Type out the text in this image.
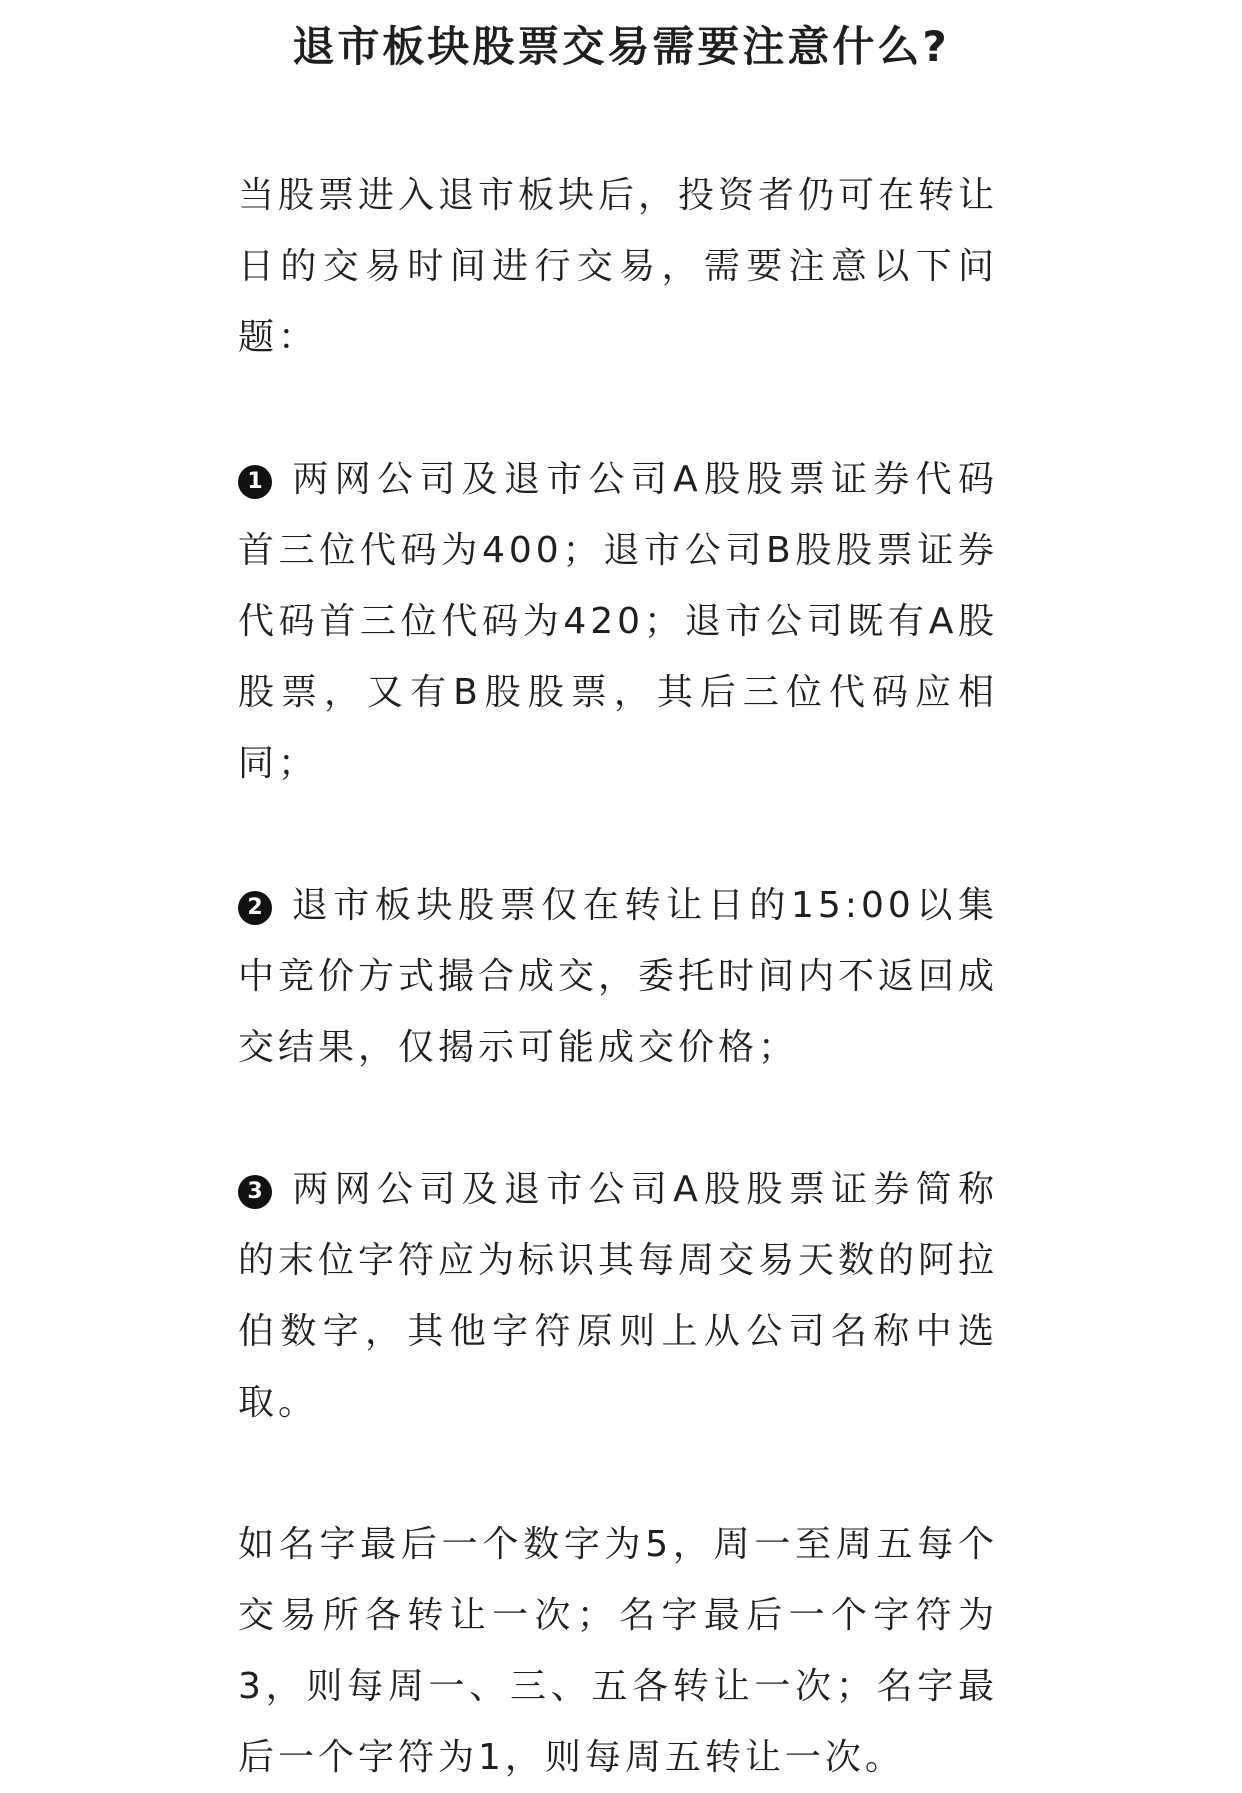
退市板块股票交易需要注意什么?

当股票进入退市板块后，投资者仍可在转让日的交易时间进行交易，需要注意以下问题：

1 两网公司及退市公司A股股票证券代码首三位代码为400；退市公司B股股票证券代码首三位代码为420；退市公司既有A股股票，又有B股股票，其后三位代码应相同；

2 退市板块股票仅在转让日的15:00以集中竞价方式撮合成交，委托时间内不返回成交结果，仅揭示可能成交价格；

3 两网公司及退市公司A股股票证券简称的末位字符应为标识其每周交易天数的阿拉伯数字，其他字符原则上从公司名称中选取。

如名字最后一个数字为5，周一至周五每个交易所各转让一次；名字最后一个字符为3，则每周一、三、五各转让一次；名字最后一个字符为1，则每周五转让一次。
